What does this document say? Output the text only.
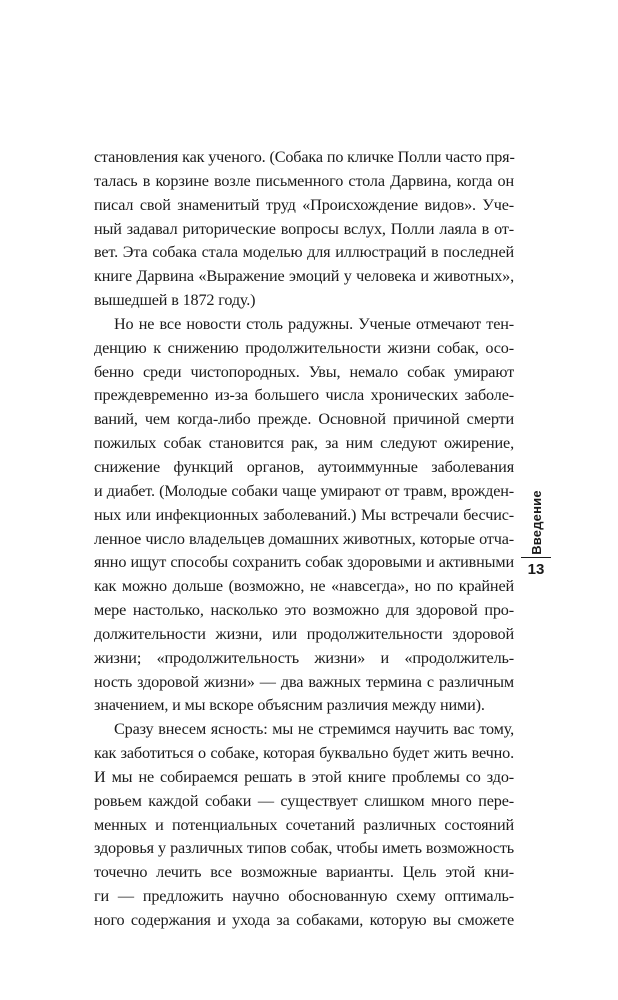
становления как ученого. (Собака по кличке Полли часто пря-
талась в корзине возле письменного стола Дарвина, когда он
писал свой знаменитый труд «Происхождение видов». Уче-
ный задавал риторические вопросы вслух, Полли лаяла в от-
вет. Эта собака стала моделью для иллюстраций в последней
книге Дарвина «Выражение эмоций у человека и животных»,
вышедшей в 1872 году.)
Но не все новости столь радужны. Ученые отмечают тен-
денцию к снижению продолжительности жизни собак, осо-
бенно среди чистопородных. Увы, немало собак умирают
преждевременно из-за большего числа хронических заболе-
ваний, чем когда-либо прежде. Основной причиной смерти
пожилых собак становится рак, за ним следуют ожирение,
снижение функций органов, аутоиммунные заболевания
и диабет. (Молодые собаки чаще умирают от травм, врожден-
ных или инфекционных заболеваний.) Мы встречали бесчис-
ленное число владельцев домашних животных, которые отча-
янно ищут способы сохранить собак здоровыми и активными
как можно дольше (возможно, не «навсегда», но по крайней
мере настолько, насколько это возможно для здоровой про-
должительности жизни, или продолжительности здоровой
жизни; «продолжительность жизни» и «продолжитель-
ность здоровой жизни» — два важных термина с различным
значением, и мы вскоре объясним различия между ними).
Сразу внесем ясность: мы не стремимся научить вас тому,
как заботиться о собаке, которая буквально будет жить вечно.
И мы не собираемся решать в этой книге проблемы со здо-
ровьем каждой собаки — существует слишком много пере-
менных и потенциальных сочетаний различных состояний
здоровья у различных типов собак, чтобы иметь возможность
точечно лечить все возможные варианты. Цель этой кни-
ги — предложить научно обоснованную схему оптималь-
ного содержания и ухода за собаками, которую вы сможете
Введение
13
